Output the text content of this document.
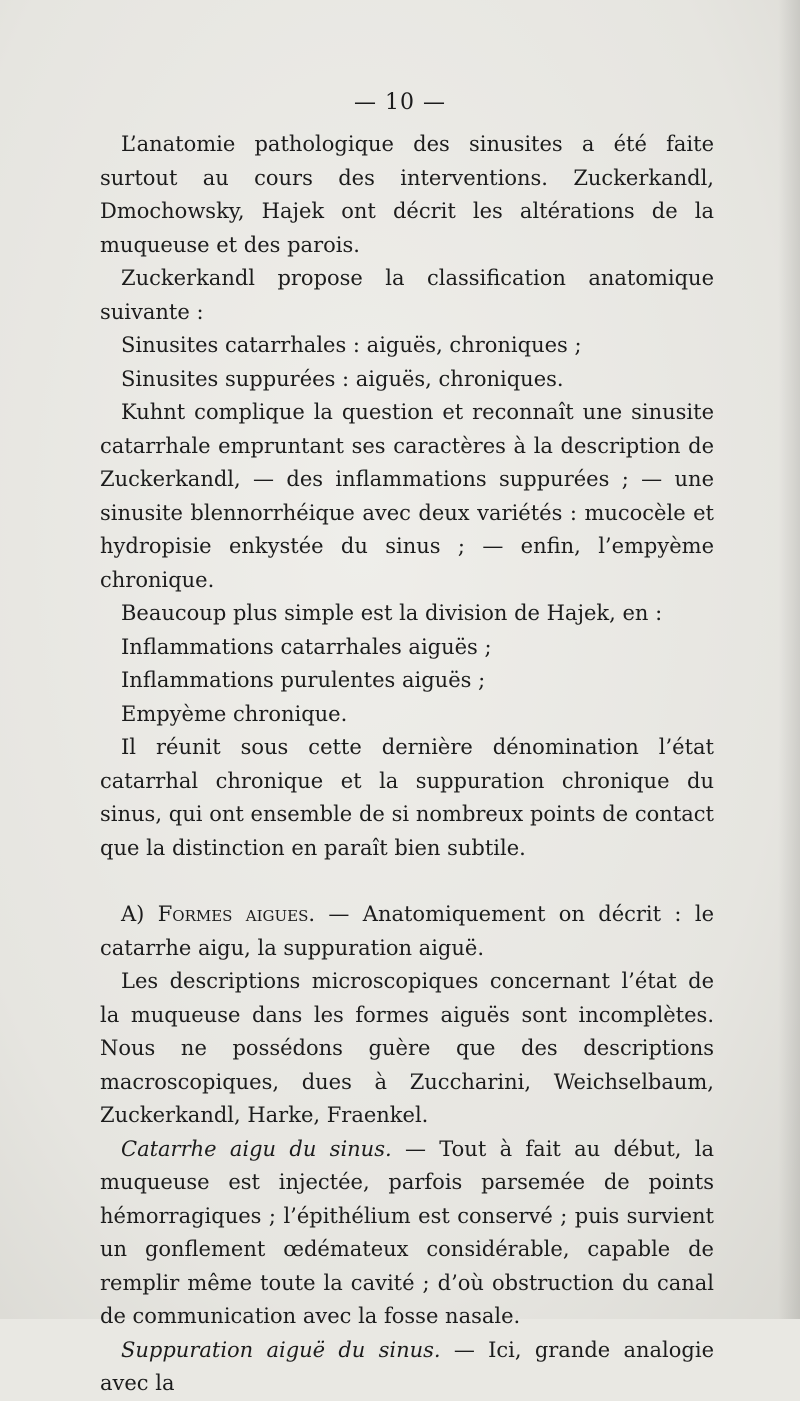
— 10 —

L’anatomie pathologique des sinusites a été faite surtout au cours des interventions. Zuckerkandl, Dmochowsky, Hajek ont décrit les altérations de la muqueuse et des parois.

Zuckerkandl propose la classification anatomique suivante :

Sinusites catarrhales : aiguës, chroniques ;

Sinusites suppurées : aiguës, chroniques.

Kuhnt complique la question et reconnaît une sinusite catarrhale empruntant ses caractères à la description de Zuckerkandl, — des inflammations suppurées ; — une sinusite blennorrhéique avec deux variétés : mucocèle et hydropisie enkystée du sinus ; — enfin, l’empyème chronique.

Beaucoup plus simple est la division de Hajek, en :

Inflammations catarrhales aiguës ;

Inflammations purulentes aiguës ;

Empyème chronique.

Il réunit sous cette dernière dénomination l’état catarrhal chronique et la suppuration chronique du sinus, qui ont ensemble de si nombreux points de contact que la distinction en paraît bien subtile.

A) Formes aigues. — Anatomiquement on décrit : le catarrhe aigu, la suppuration aiguë.

Les descriptions microscopiques concernant l’état de la muqueuse dans les formes aiguës sont incomplètes. Nous ne possédons guère que des descriptions macroscopiques, dues à Zuccharini, Weichselbaum, Zuckerkandl, Harke, Fraenkel.

Catarrhe aigu du sinus. — Tout à fait au début, la muqueuse est injectée, parfois parsemée de points hémorragiques ; l’épithélium est conservé ; puis survient un gonflement œdémateux considérable, capable de remplir même toute la cavité ; d’où obstruction du canal de communication avec la fosse nasale.

Suppuration aiguë du sinus. — Ici, grande analogie avec la
